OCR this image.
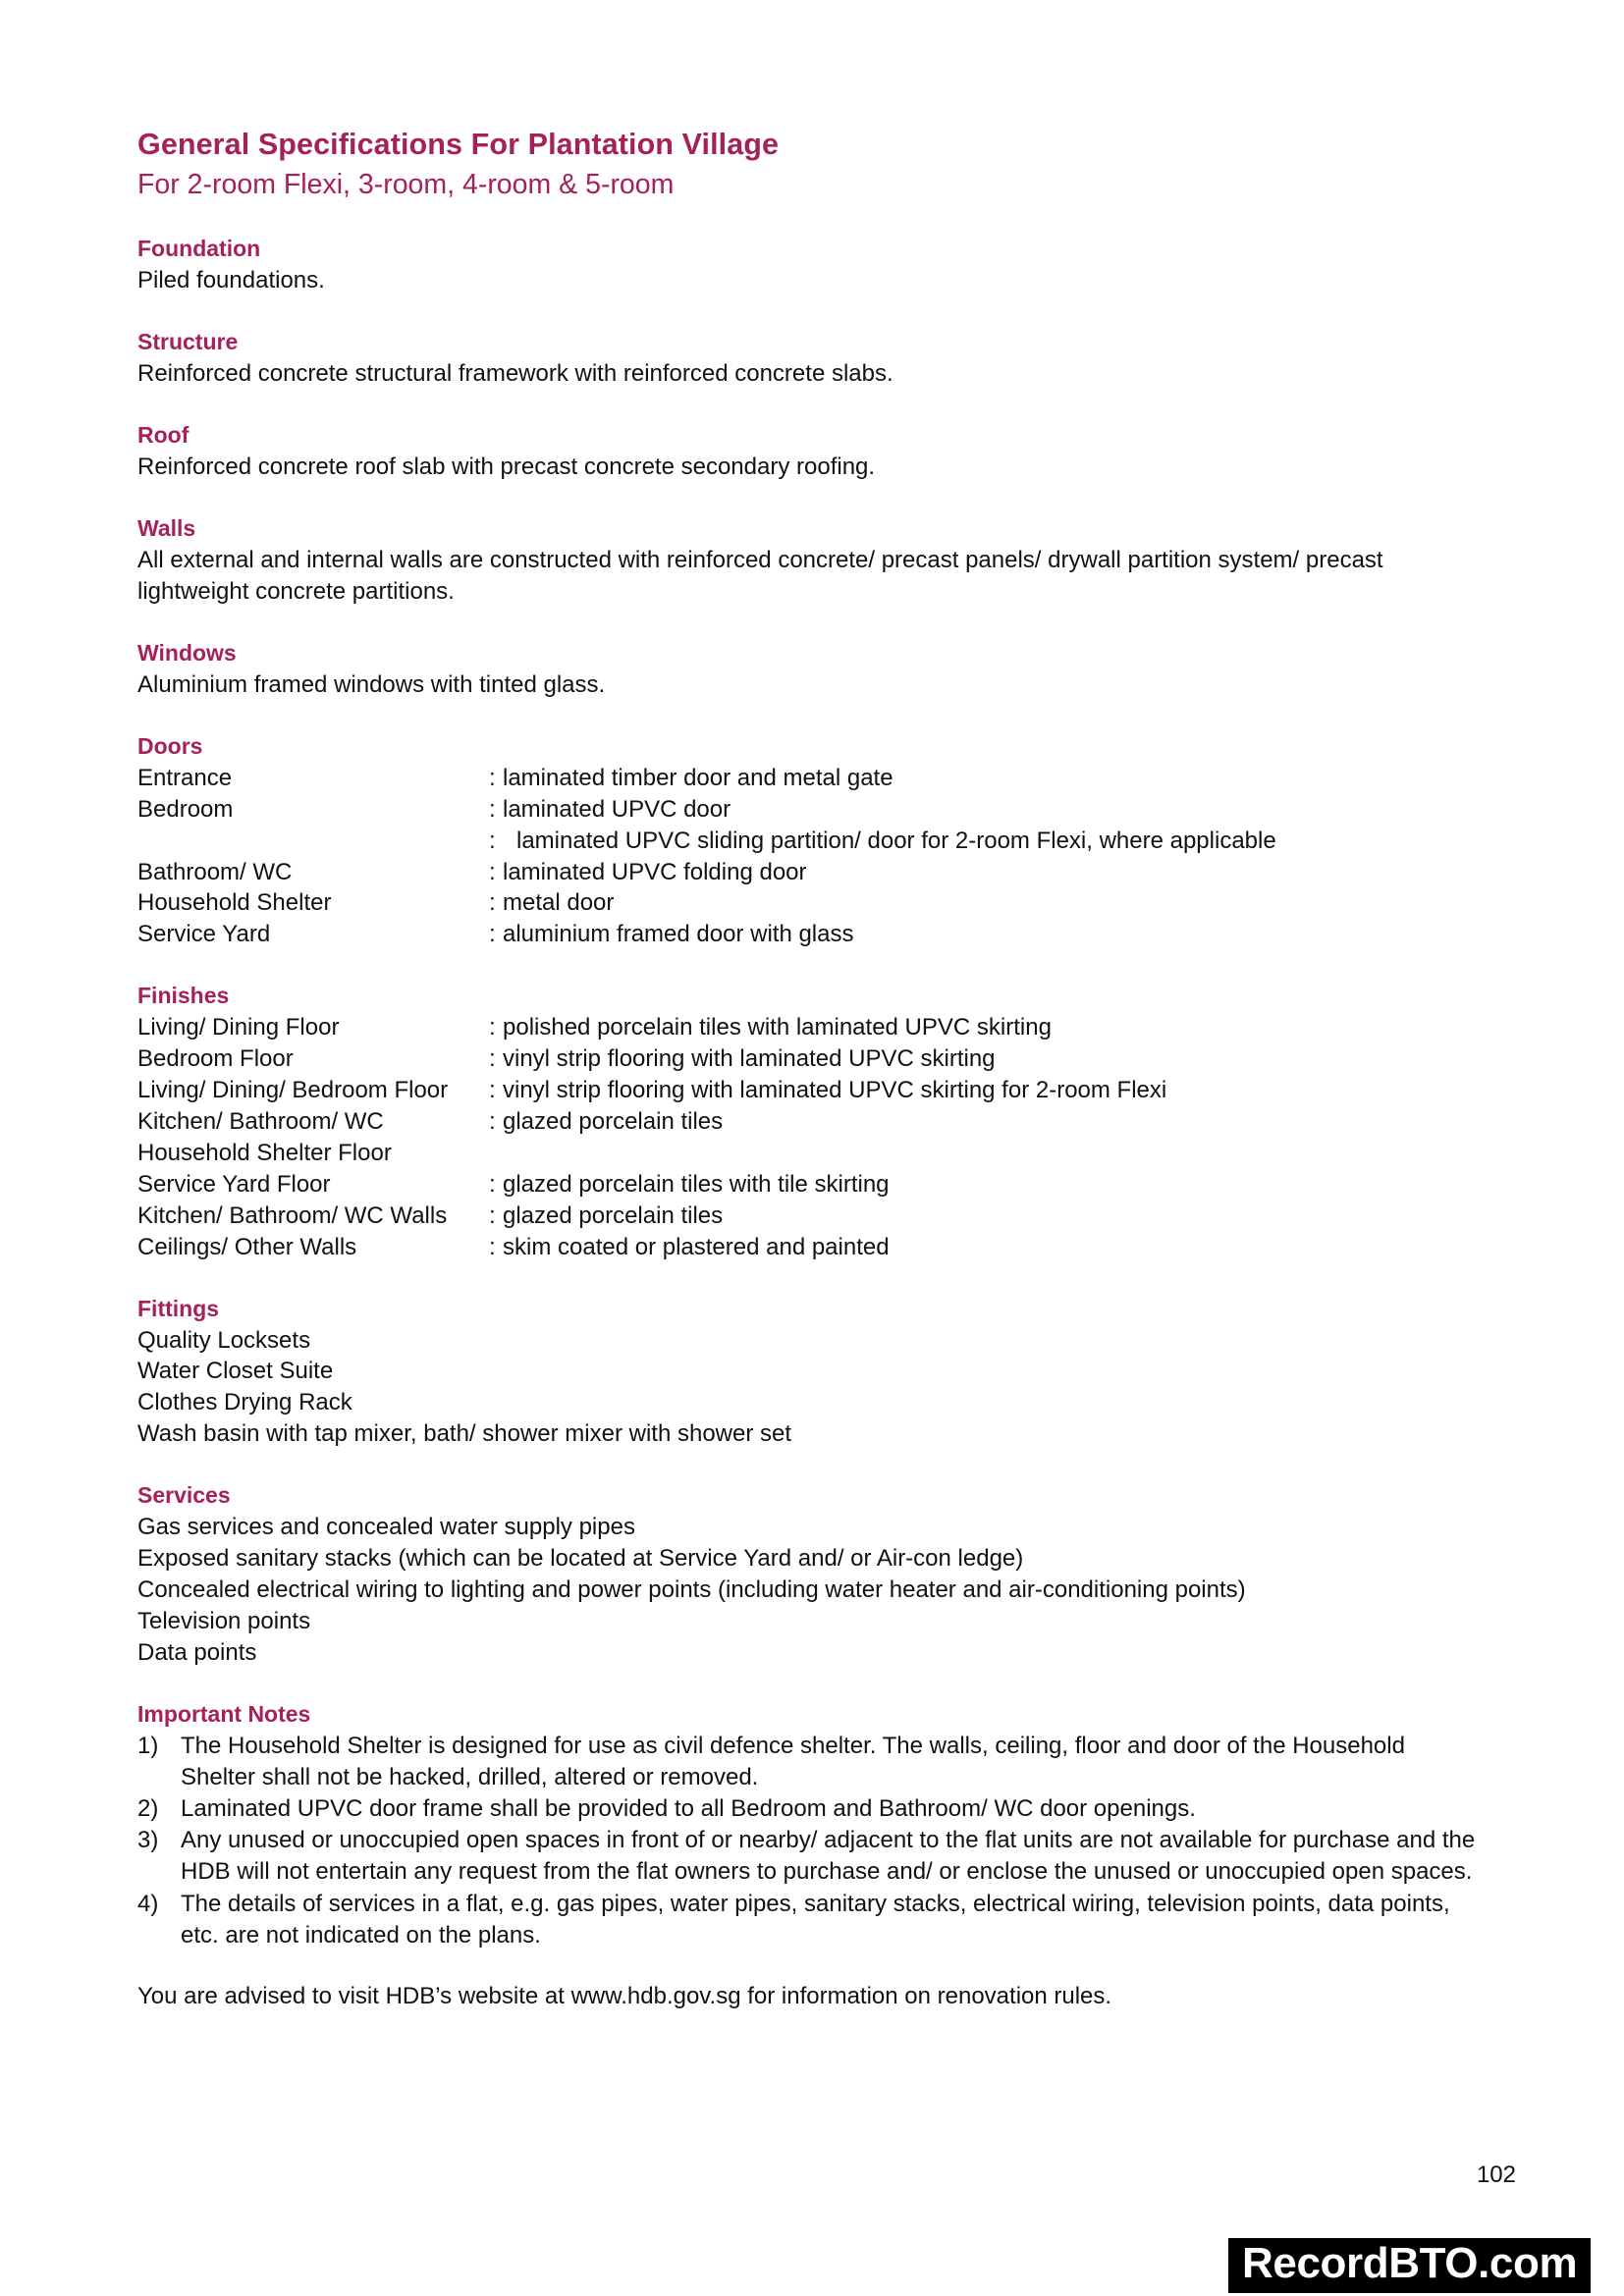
General Specifications For Plantation Village
For 2-room Flexi, 3-room, 4-room & 5-room
Foundation

Piled foundations.

Structure

Reinforced concrete structural framework with reinforced concrete slabs.

Roof

Reinforced concrete roof slab with precast concrete secondary roofing.

Walls

All external and internal walls are constructed with reinforced concrete/ precast panels/ drywall partition system/ precast lightweight concrete partitions.

Windows

Aluminium framed windows with tinted glass.

Doors
Entrance	: laminated timber door and metal gate
Bedroom	: laminated UPVC door
: laminated UPVC sliding partition/ door for 2-room Flexi, where applicable
Bathroom/ WC	: laminated UPVC folding door
Household Shelter	: metal door
Service Yard	: aluminium framed door with glass
Finishes
Living/ Dining Floor	: polished porcelain tiles with laminated UPVC skirting
Bedroom Floor	: vinyl strip flooring with laminated UPVC skirting
Living/ Dining/ Bedroom Floor	: vinyl strip flooring with laminated UPVC skirting for 2-room Flexi
Kitchen/ Bathroom/ WC	: glazed porcelain tiles
Household Shelter Floor
Service Yard Floor	: glazed porcelain tiles with tile skirting
Kitchen/ Bathroom/ WC Walls	: glazed porcelain tiles
Ceilings/ Other Walls	: skim coated or plastered and painted
Fittings

Quality Locksets

Water Closet Suite

Clothes Drying Rack

Wash basin with tap mixer, bath/ shower mixer with shower set

Services

Gas services and concealed water supply pipes

Exposed sanitary stacks (which can be located at Service Yard and/ or Air-con ledge)

Concealed electrical wiring to lighting and power points (including water heater and air-conditioning points)

Television points

Data points

Important Notes
1) The Household Shelter is designed for use as civil defence shelter. The walls, ceiling, floor and door of the Household Shelter shall not be hacked, drilled, altered or removed.
2) Laminated UPVC door frame shall be provided to all Bedroom and Bathroom/ WC door openings.
3) Any unused or unoccupied open spaces in front of or nearby/ adjacent to the flat units are not available for purchase and the HDB will not entertain any request from the flat owners to purchase and/ or enclose the unused or unoccupied open spaces.
4) The details of services in a flat, e.g. gas pipes, water pipes, sanitary stacks, electrical wiring, television points, data points, etc. are not indicated on the plans.
You are advised to visit HDB’s website at www.hdb.gov.sg for information on renovation rules.
102
RecordBTO.com
